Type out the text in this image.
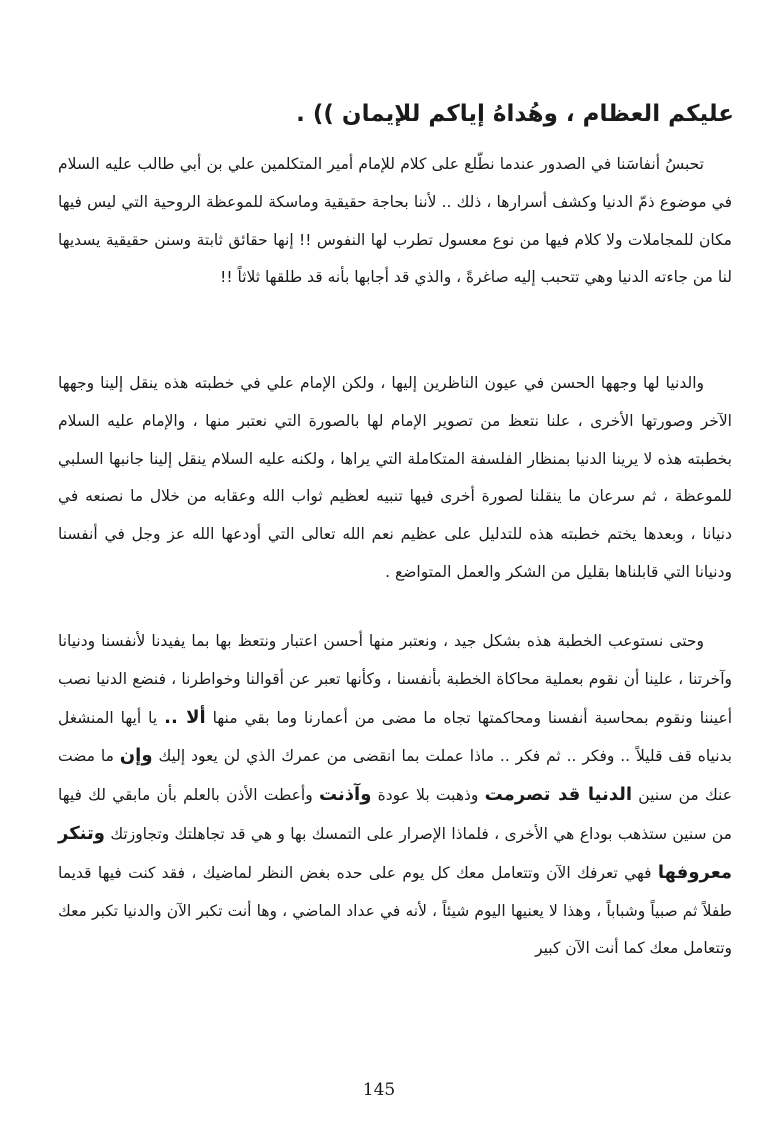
عليكم العظام ، وهُداهُ إياكم للإيمان )) .

تحبسُ أنفاسَنا في الصدور عندما نطّلع على كلام للإمام أمير المتكلمين علي بن أبي طالب عليه السلام في موضوع ذمّ الدنيا وكشف أسرارها ، ذلك .. لأننا بحاجة حقيقية وماسكة للموعظة الروحية التي ليس فيها مكان للمجاملات ولا كلام فيها من نوع معسول تطرب لها النفوس !! إنها حقائق ثابتة وسنن حقيقية يسديها لنا من جاءته الدنيا وهي تتحبب إليه صاغرةً ، والذي قد أجابها بأنه قد طلقها ثلاثاً !!

والدنيا لها وجهها الحسن في عيون الناظرين إليها ، ولكن الإمام علي في خطبته هذه ينقل إلينا وجهها الآخر وصورتها الأخرى ، علنا نتعظ من تصوير الإمام لها بالصورة التي نعتبر منها ، والإمام عليه السلام بخطبته هذه لا يرينا الدنيا بمنظار الفلسفة المتكاملة التي يراها ، ولكنه عليه السلام ينقل إلينا جانبها السلبي للموعظة ، ثم سرعان ما ينقلنا لصورة أخرى فيها تنبيه لعظيم ثواب الله وعقابه من خلال ما نصنعه في دنيانا ، وبعدها يختم خطبته هذه للتدليل على عظيم نعم الله تعالى التي أودعها الله عز وجل في أنفسنا ودنيانا التي قابلناها بقليل من الشكر والعمل المتواضع .

وحتى نستوعب الخطبة هذه بشكل جيد ، ونعتبر منها أحسن اعتبار ونتعظ بها بما يفيدنا لأنفسنا ودنيانا وآخرتنا ، علينا أن نقوم بعملية محاكاة الخطبة بأنفسنا ، وكأنها تعبر عن أقوالنا وخواطرنا ، فنضع الدنيا نصب أعيننا ونقوم بمحاسبة أنفسنا ومحاكمتها تجاه ما مضى من أعمارنا وما بقي منها ألا .. يا أيها المنشغل بدنياه قف قليلاً .. وفكر .. ثم فكر .. ماذا عملت بما انقضى من عمرك الذي لن يعود إليك وإن ما مضت عنك من سنين الدنيا قد تصرمت وذهبت بلا عودة وآذنت وأعطت الأذن بالعلم بأن مابقي لك فيها من سنين ستذهب بوداع هي الأخرى ، فلماذا الإصرار على التمسك بها و هي قد تجاهلتك وتجاوزتك وتنكر معروفها فهي تعرفك الآن وتتعامل معك كل يوم على حده بغض النظر لماضيك ، فقد كنت فيها قديما طفلاً ثم صبياً وشباباً ، وهذا لا يعنيها اليوم شيئاً ، لأنه في عداد الماضي ، وها أنت تكبر الآن والدنيا تكبر معك وتتعامل معك كما أنت الآن كبير

145
